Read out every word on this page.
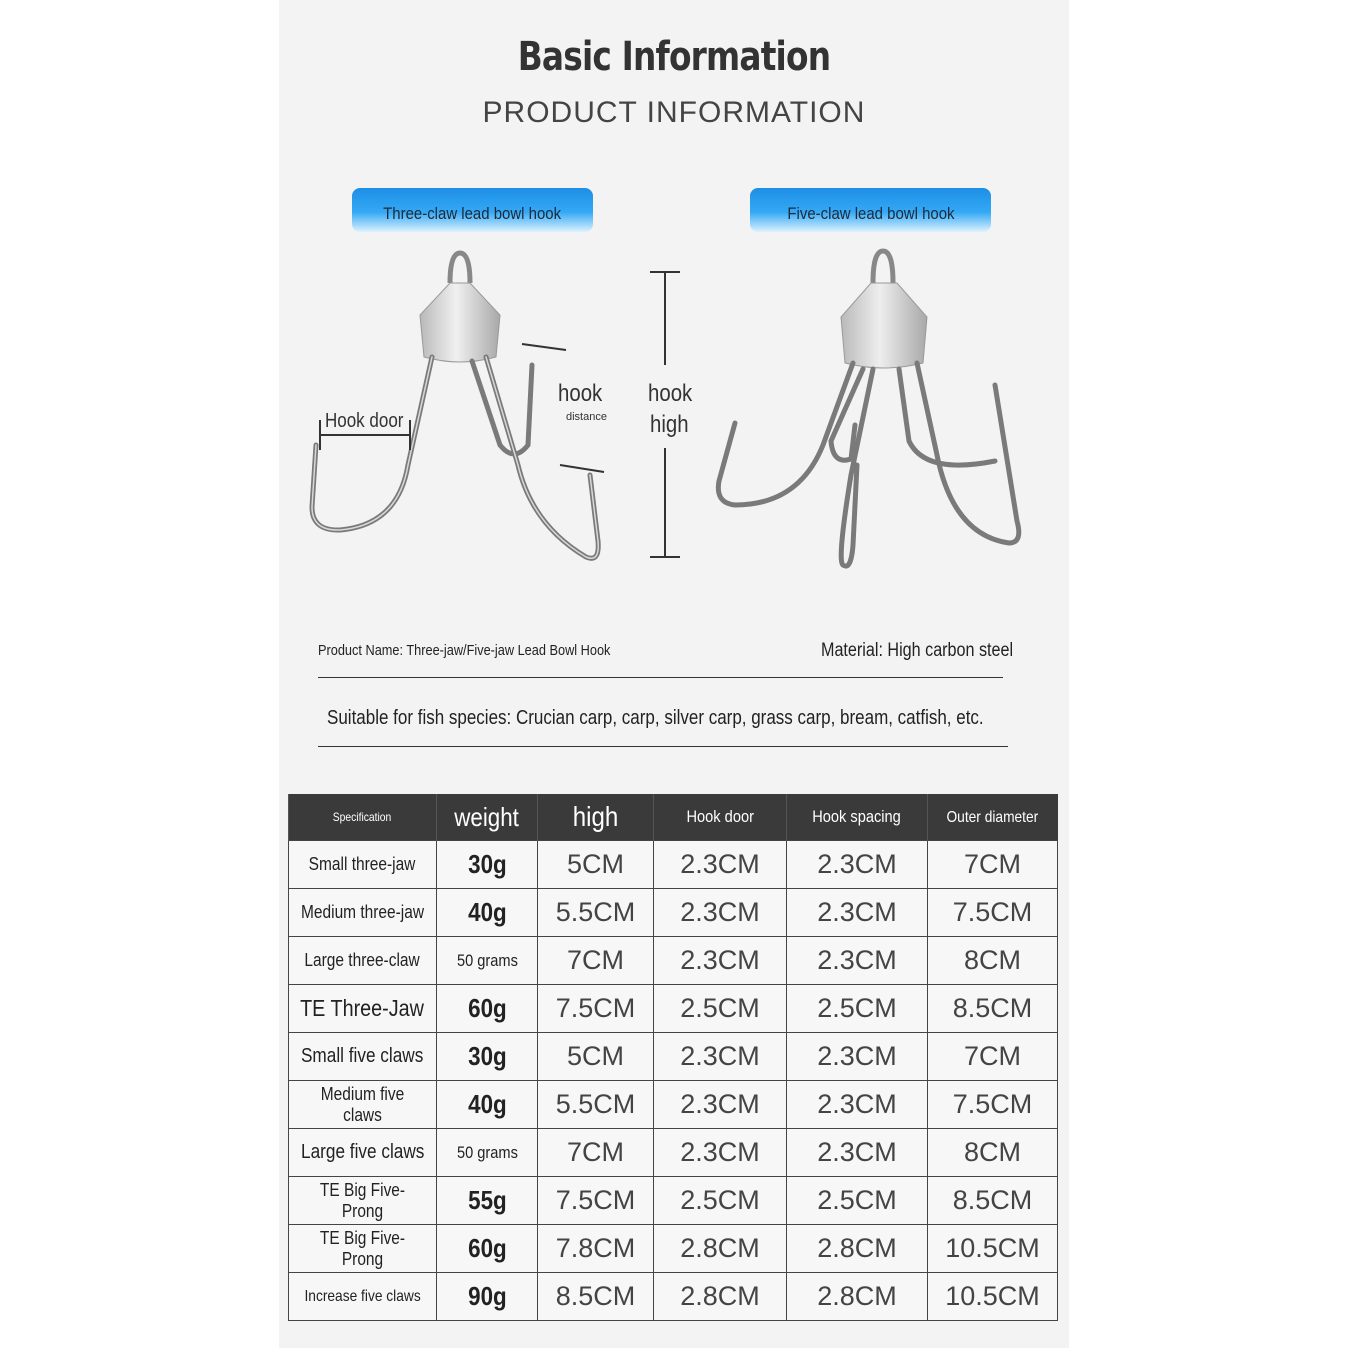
Basic Information
PRODUCT INFORMATION
Three-claw lead bowl hook	Five-claw lead bowl hook
Hook door
hook
distance
hook
high
Product Name: Three-jaw/Five-jaw Lead Bowl Hook	Material: High carbon steel
Suitable for fish species: Crucian carp, carp, silver carp, grass carp, bream, catfish, etc.
Specification	weight	high	Hook door	Hook spacing	Outer diameter
Small three-jaw	30g	5CM	2.3CM	2.3CM	7CM
Medium three-jaw	40g	5.5CM	2.3CM	2.3CM	7.5CM
Large three-claw	50 grams	7CM	2.3CM	2.3CM	8CM
TE Three-Jaw	60g	7.5CM	2.5CM	2.5CM	8.5CM
Small five claws	30g	5CM	2.3CM	2.3CM	7CM
Medium five claws	40g	5.5CM	2.3CM	2.3CM	7.5CM
Large five claws	50 grams	7CM	2.3CM	2.3CM	8CM
TE Big Five-Prong	55g	7.5CM	2.5CM	2.5CM	8.5CM
TE Big Five-Prong	60g	7.8CM	2.8CM	2.8CM	10.5CM
Increase five claws	90g	8.5CM	2.8CM	2.8CM	10.5CM
